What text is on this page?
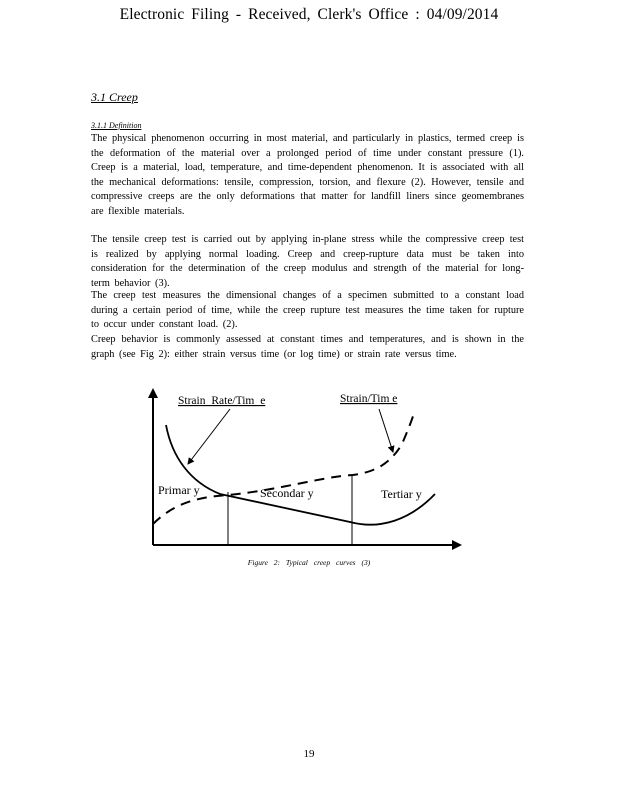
Electronic Filing - Received, Clerk's Office : 04/09/2014
3.1 Creep
3.1.1 Definition

The physical phenomenon occurring in most material, and particularly in plastics, termed creep is the deformation of the material over a prolonged period of time under constant pressure (1). Creep is a material, load, temperature, and time-dependent phenomenon. It is associated with all the mechanical deformations: tensile, compression, torsion, and flexure (2). However, tensile and compressive creeps are the only deformations that matter for landfill liners since geomembranes are flexible materials.

The tensile creep test is carried out by applying in-plane stress while the compressive creep test is realized by applying normal loading. Creep and creep-rupture data must be taken into consideration for the determination of the creep modulus and strength of the material for long-term behavior (3).

The creep test measures the dimensional changes of a specimen submitted to a constant load during a certain period of time, while the creep rupture test measures the time taken for rupture to occur under constant load. (2).

Creep behavior is commonly assessed at constant times and temperatures, and is shown in the graph (see Fig 2): either strain versus time (or log time) or strain rate versus time.

Strain Rate/Tim e	Strain/Tim e
Primar y	Secondar y	Tertiar y
Figure 2: Typical creep curves (3)
19
